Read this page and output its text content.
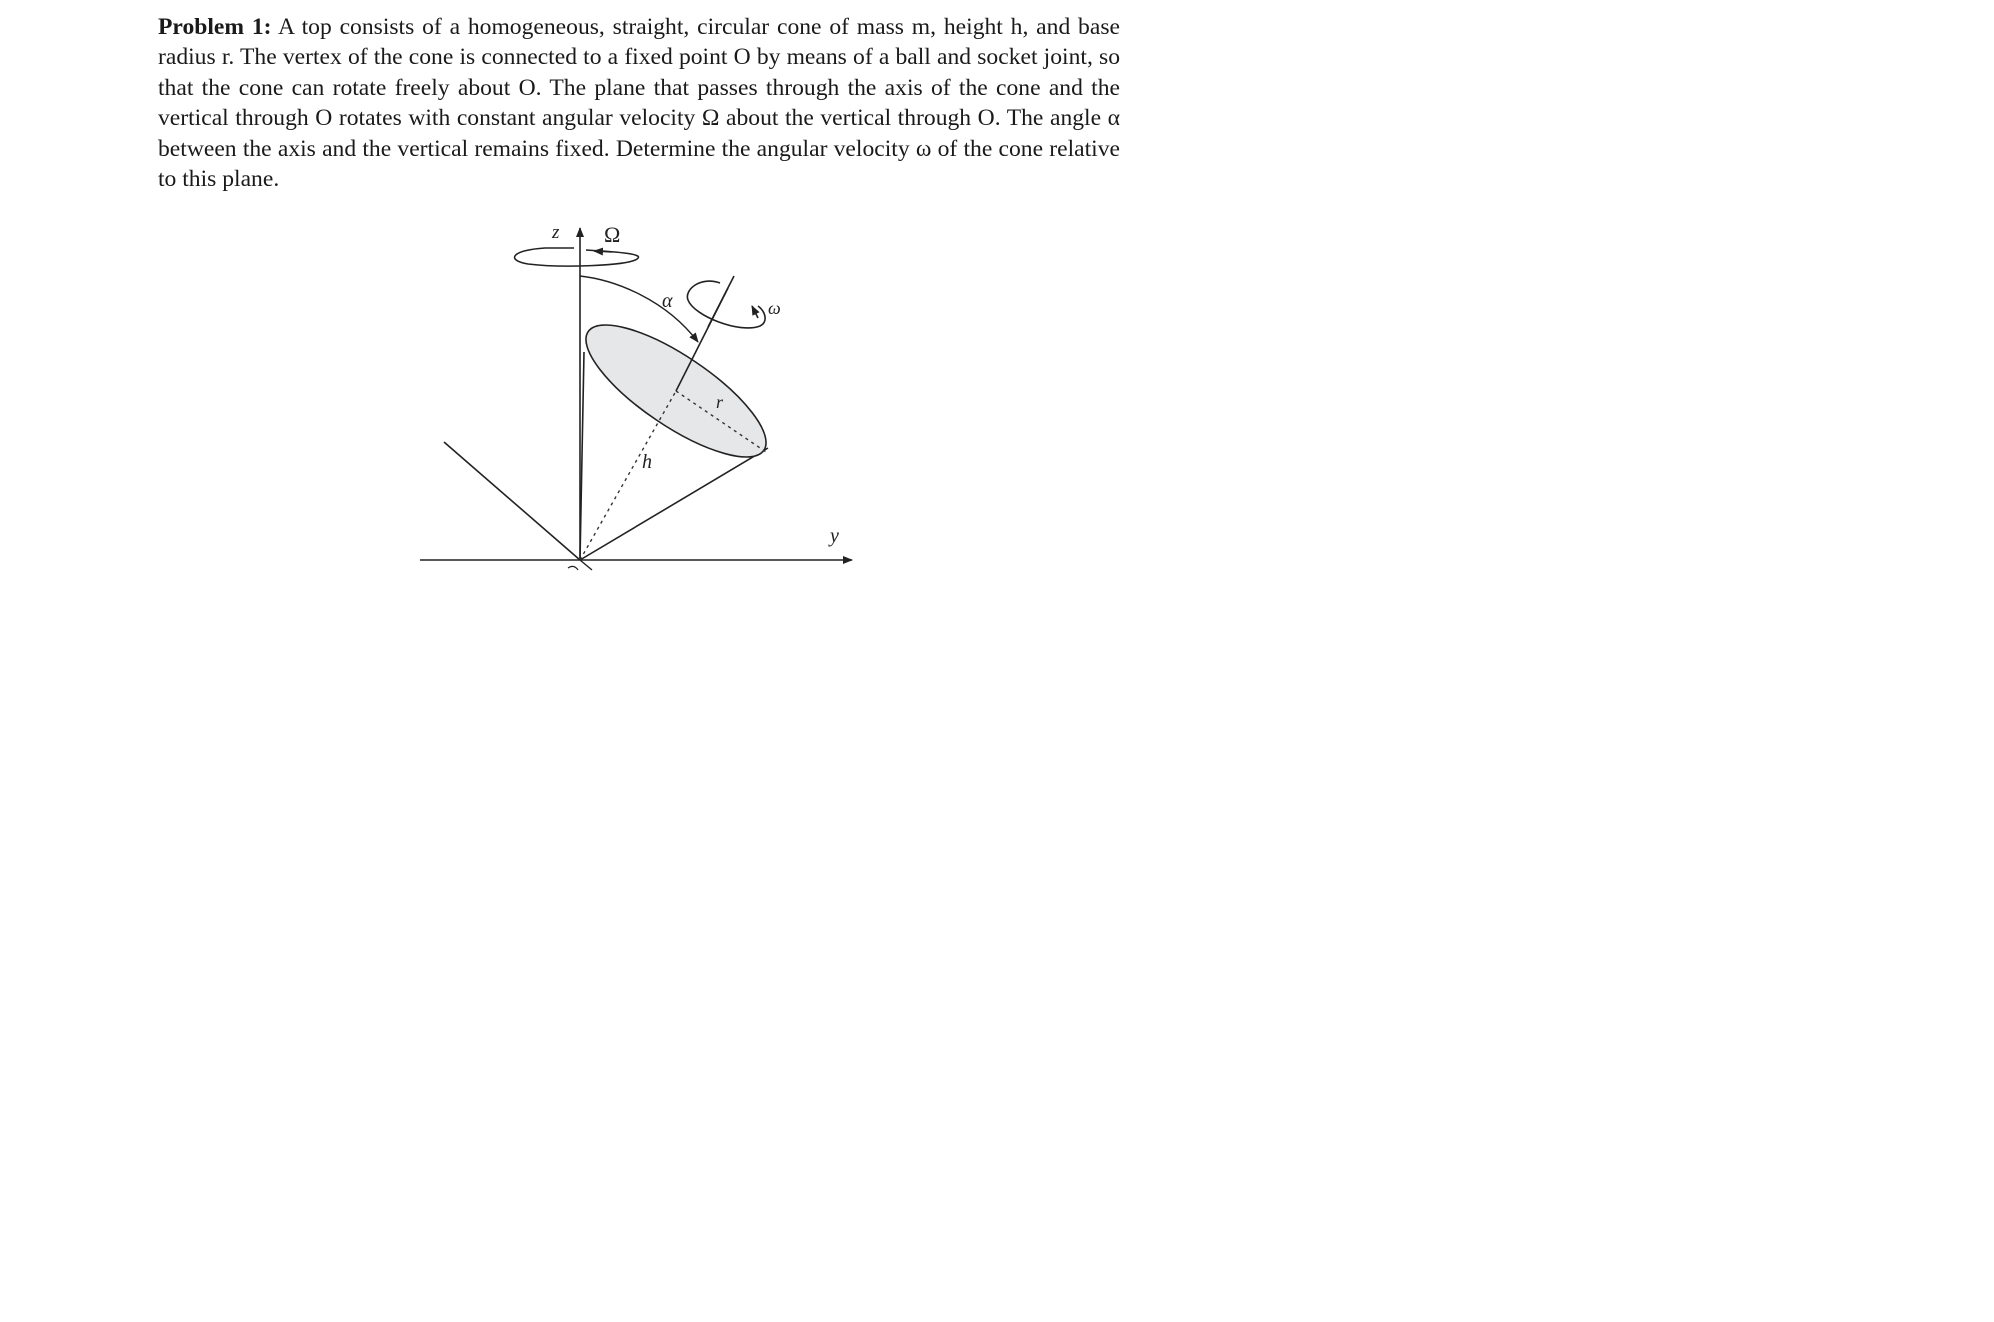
Problem 1: A top consists of a homogeneous, straight, circular cone of mass m, height h, and base radius r. The vertex of the cone is connected to a fixed point O by means of a ball and socket joint, so that the cone can rotate freely about O. The plane that passes through the axis of the cone and the vertical through O rotates with constant angular velocity Ω about the vertical through O. The angle α between the axis and the vertical remains fixed. Determine the angular velocity ω of the cone relative to this plane.
z Ω
α	ω
r
h
y
